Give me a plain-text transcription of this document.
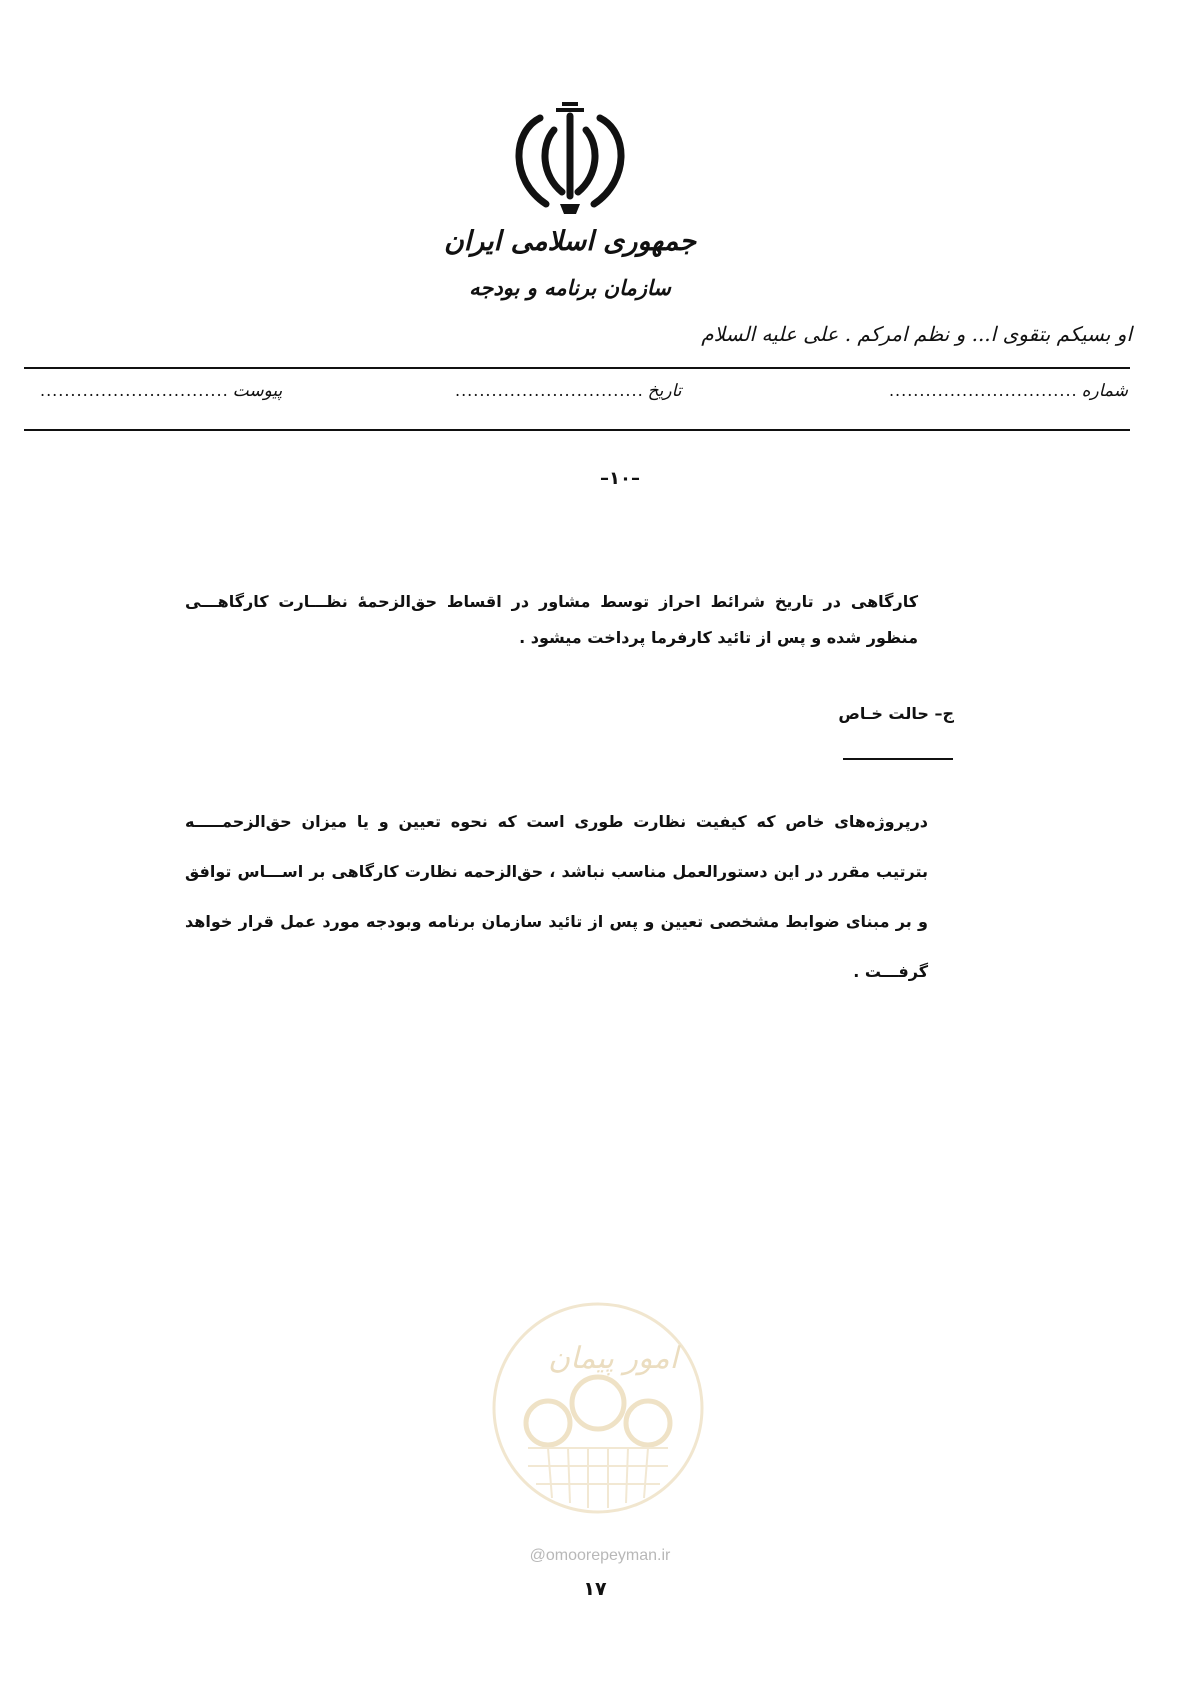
جمهوری اسلامی ایران
سازمان برنامه و بودجه
او بسیکم بتقوی ا... و نظم امرکم . علی علیه السلام
شماره
...............................
تاریخ
...............................
پیوست
...............................
–۱۰–
کارگاهی در تاریخ شرائط احراز توسط مشاور در اقساط حق‌الزحمهٔ نظـــارت کارگاهـــی منظور شده و پس از تائید کارفرما پرداخت میشود .
ج– حالت خـاص
درپروژه‌های خاص که کیفیت نظارت طوری است که نحوه تعیین و یا میزان حق‌الزحمـــــه بترتیب مقرر در این دستورالعمل مناسب نباشد ، حق‌الزحمه نظارت کارگاهی بر اســـاس توافق و بر مبنای ضوابط مشخصی تعیین و پس از تائید سازمان برنامه وبودجه مورد عمل قرار خواهد گرفـــت .
امور پیمان
@omoorepeyman.ir
۱۷
